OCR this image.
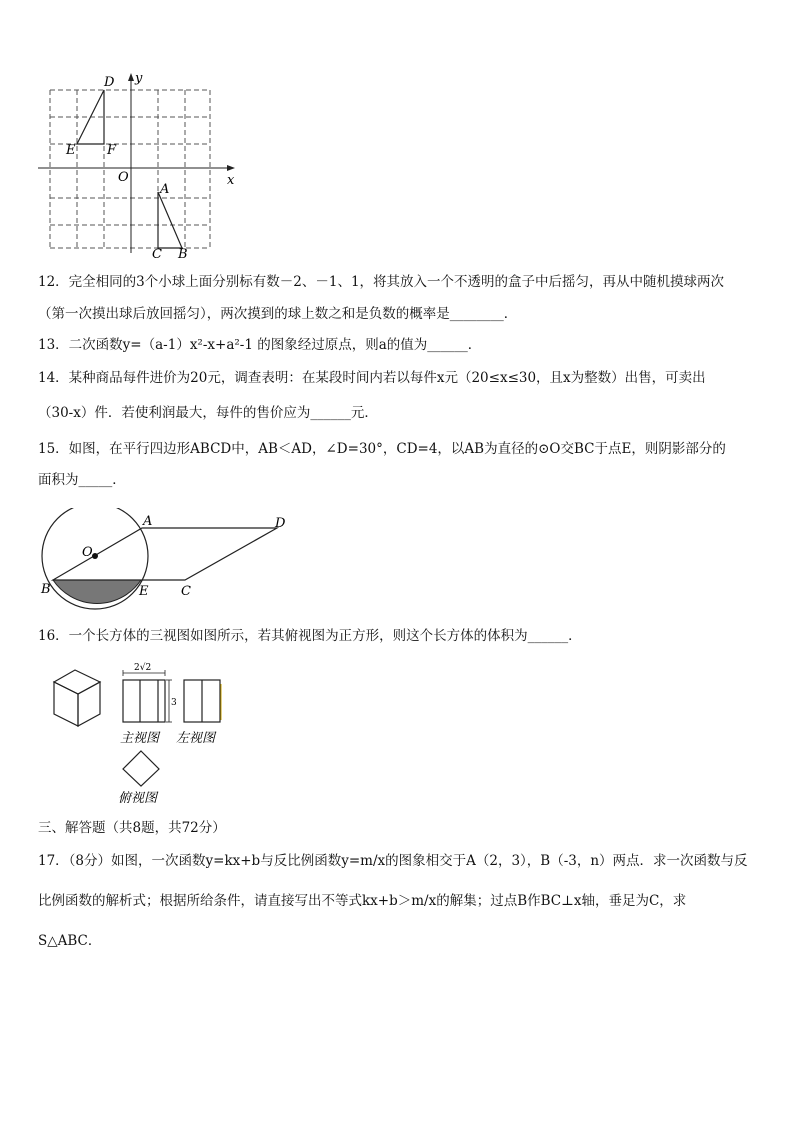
D y
E F
O	x
A
C B
12．完全相同的3个小球上面分别标有数－2、－1、1，将其放入一个不透明的盒子中后摇匀，再从中随机摸球两次
（第一次摸出球后放回摇匀），两次摸到的球上数之和是负数的概率是________．
13．二次函数y=（a-1）x²-x+a²-1 的图象经过原点，则a的值为______．
14．某种商品每件进价为20元，调查表明：在某段时间内若以每件x元（20≤x≤30，且x为整数）出售，可卖出
（30-x）件．若使利润最大，每件的售价应为______元．
15．如图，在平行四边形ABCD中，AB＜AD，∠D=30°，CD=4，以AB为直径的⊙O交BC于点E，则阴影部分的
面积为_____．
A	D
O
B	E	C
16．一个长方体的三视图如图所示，若其俯视图为正方形，则这个长方体的体积为______．
2√2
3
主视图 左视图
俯视图
三、解答题（共8题，共72分）
17．（8分）如图，一次函数y=kx+b与反比例函数y=m/x的图象相交于A（2，3），B（-3，n）两点．求一次函数与反
比例函数的解析式；根据所给条件，请直接写出不等式kx+b＞m/x的解集；过点B作BC⊥x轴，垂足为C，求
S△ABC．
